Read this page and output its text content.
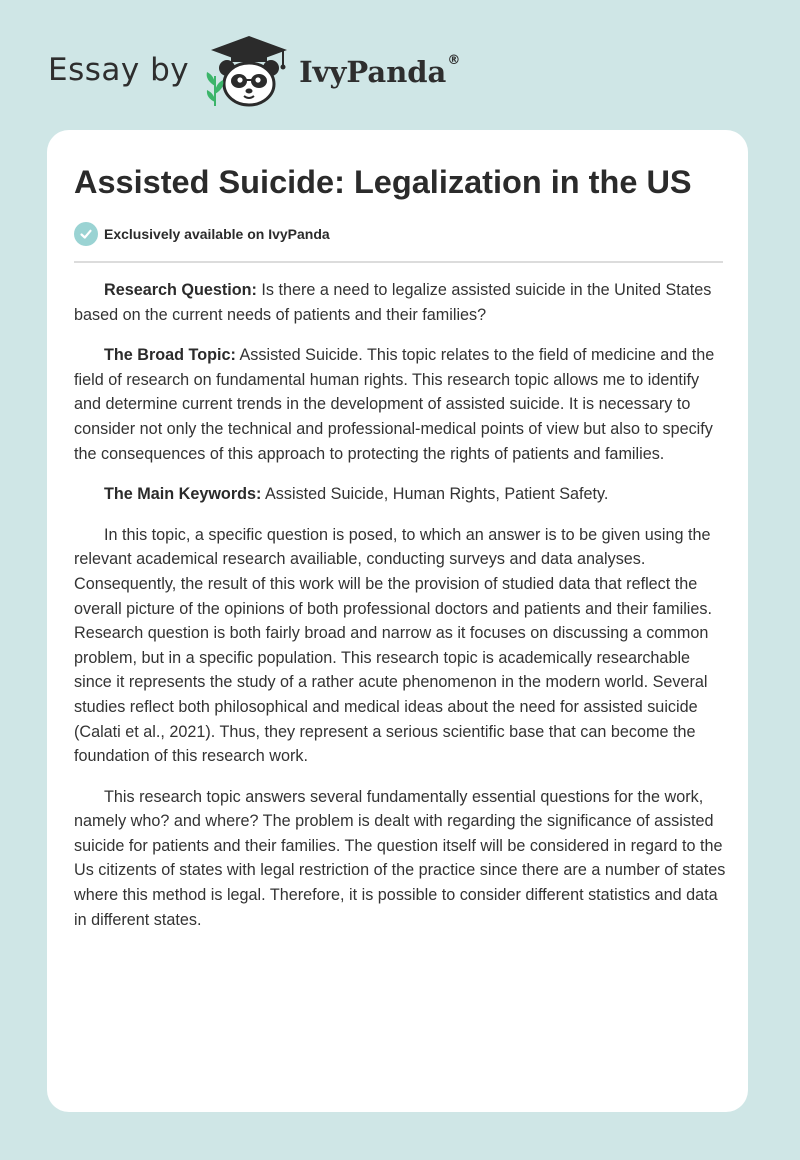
Essay by	IvyPanda®
Assisted Suicide: Legalization in the US
Exclusively available on IvyPanda

Research Question: Is there a need to legalize assisted suicide in the United States based on the current needs of patients and their families?

The Broad Topic: Assisted Suicide. This topic relates to the field of medicine and the field of research on fundamental human rights. This research topic allows me to identify and determine current trends in the development of assisted suicide. It is necessary to consider not only the technical and professional-medical points of view but also to specify the consequences of this approach to protecting the rights of patients and families.

The Main Keywords: Assisted Suicide, Human Rights, Patient Safety.

In this topic, a specific question is posed, to which an answer is to be given using the relevant academical research availiable, conducting surveys and data analyses. Consequently, the result of this work will be the provision of studied data that reflect the overall picture of the opinions of both professional doctors and patients and their families. Research question is both fairly broad and narrow as it focuses on discussing a common problem, but in a specific population. This research topic is academically researchable since it represents the study of a rather acute phenomenon in the modern world. Several studies reflect both philosophical and medical ideas about the need for assisted suicide (Calati et al., 2021). Thus, they represent a serious scientific base that can become the foundation of this research work.

This research topic answers several fundamentally essential questions for the work, namely who? and where? The problem is dealt with regarding the significance of assisted suicide for patients and their families. The question itself will be considered in regard to the Us citizents of states with legal restriction of the practice since there are a number of states where this method is legal. Therefore, it is possible to consider different statistics and data in different states.
